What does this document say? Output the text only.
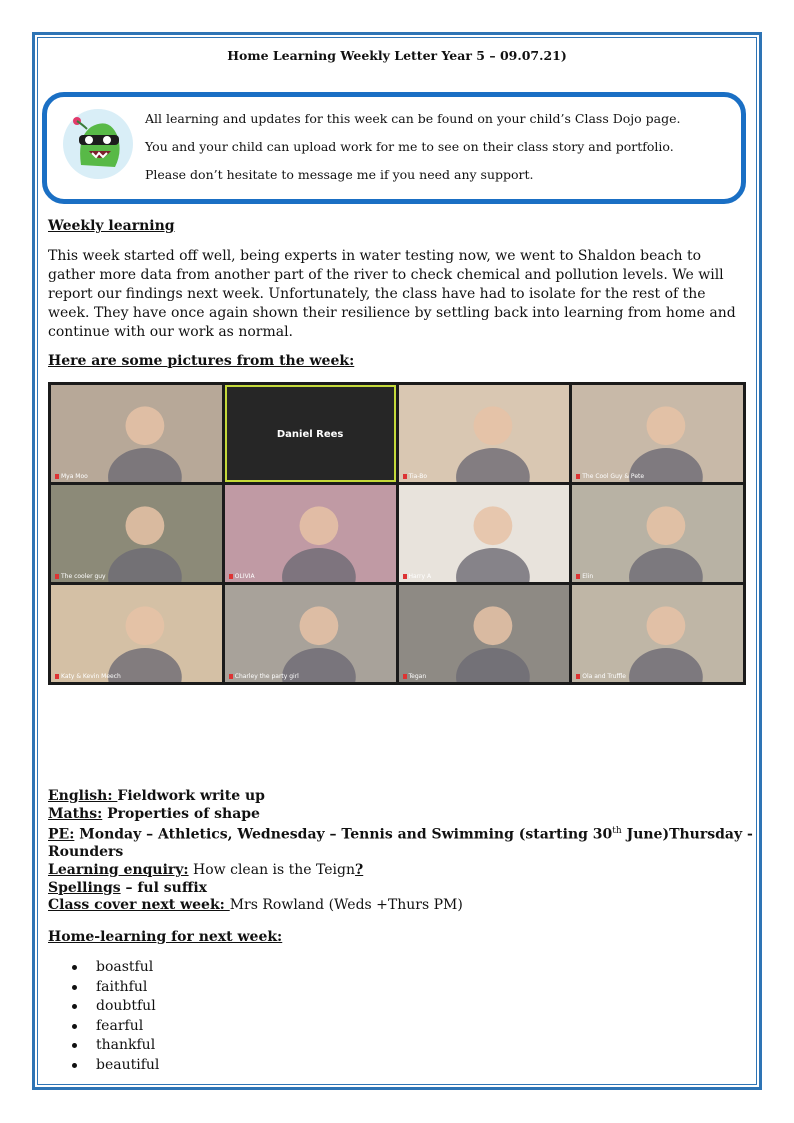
Home Learning Weekly Letter Year 5 – 09.07.21)
All learning and updates for this week can be found on your child’s Class Dojo page.
You and your child can upload work for me to see on their class story and portfolio.
Please don’t hesitate to message me if you need any support.
Weekly learning
This week started off well, being experts in water testing now, we went to Shaldon beach to gather more data from another part of the river to check chemical and pollution levels. We will report our findings next week. Unfortunately, the class have had to isolate for the rest of the week. They have once again shown their resilience by settling back into learning from home and continue with our work as normal.
Here are some pictures from the week:
Mya Moo
Daniel Rees
Tia-Bo	The Cool Guy & Pete
The cooler guy	OLIVIA	Harry A	Elin
Katy & Kevin Meech	Charley the party girl	Tegan	Ola and Truffle
English: Fieldwork write up
Maths: Properties of shape
PE: Monday – Athletics, Wednesday – Tennis and Swimming (starting 30th June)Thursday -
Rounders
Learning enquiry: How clean is the Teign?
Spellings – ful suffix
Class cover next week: Mrs Rowland (Weds +Thurs PM)
Home-learning for next week:
boastful
faithful
doubtful
fearful
thankful
beautiful
